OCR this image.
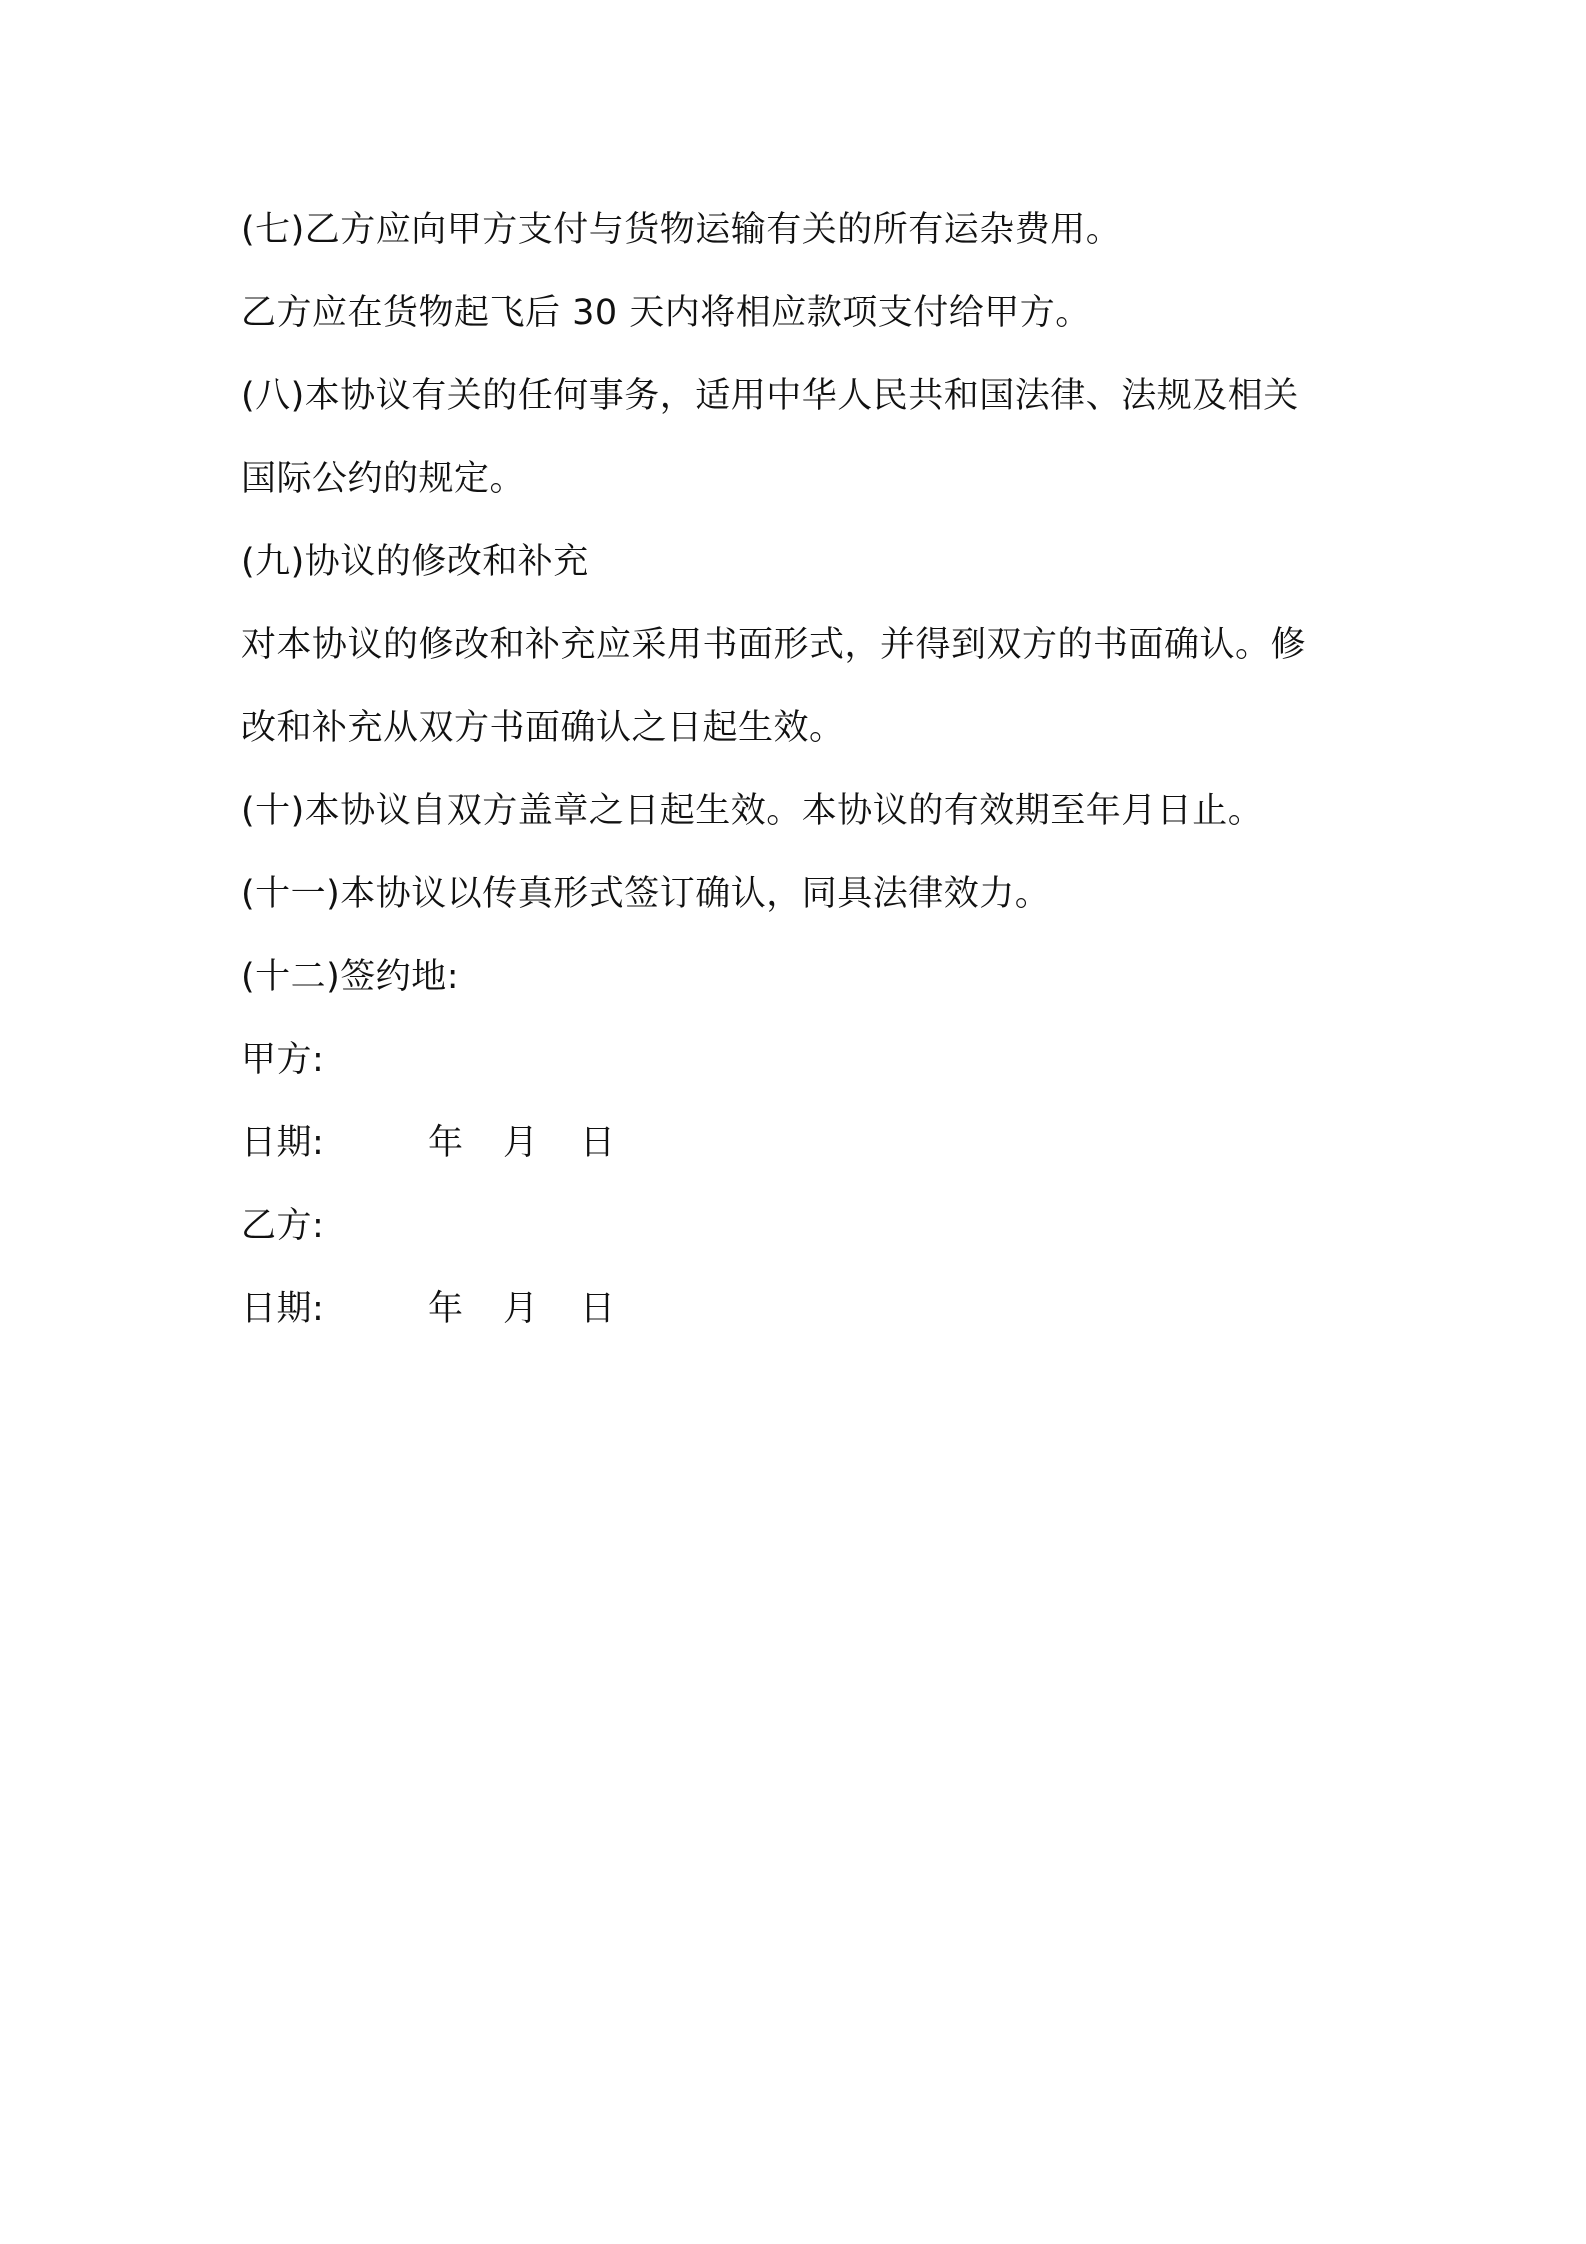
(七)乙方应向甲方支付与货物运输有关的所有运杂费用。
乙方应在货物起飞后 30 天内将相应款项支付给甲方。
(八)本协议有关的任何事务，适用中华人民共和国法律、法规及相关
国际公约的规定。
(九)协议的修改和补充
对本协议的修改和补充应采用书面形式，并得到双方的书面确认。修
改和补充从双方书面确认之日起生效。
(十)本协议自双方盖章之日起生效。本协议的有效期至年月日止。
(十一)本协议以传真形式签订确认，同具法律效力。
(十二)签约地:
甲方:
日期:	年	月	日
乙方:
日期:	年	月	日
